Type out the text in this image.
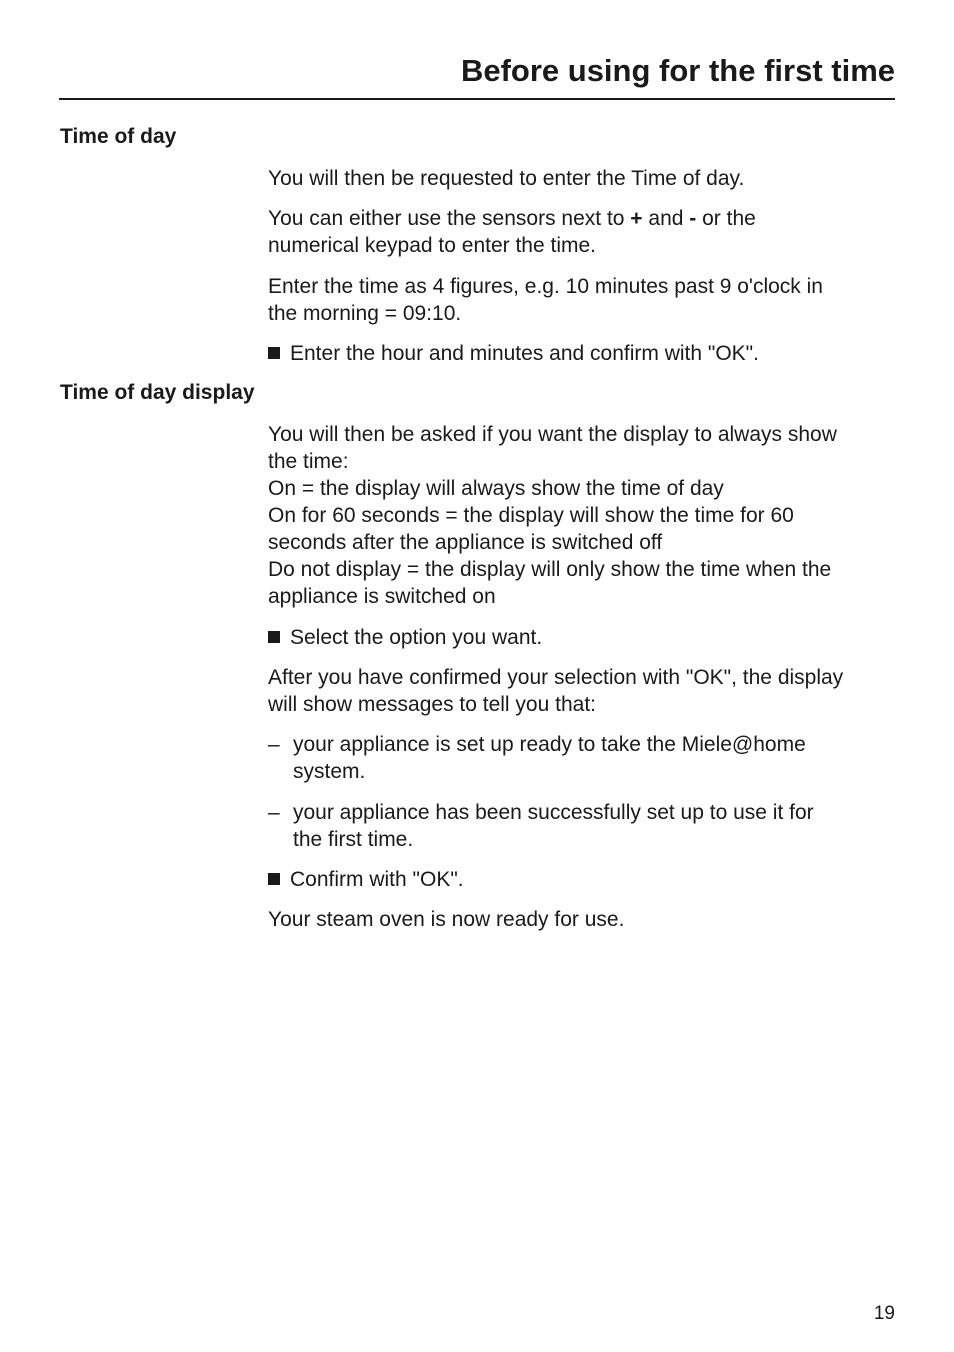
Before using for the first time
Time of day

You will then be requested to enter the Time of day.

You can either use the sensors next to + and - or the

numerical keypad to enter the time.

Enter the time as 4 figures, e.g. 10 minutes past 9 o'clock in

the morning = 09:10.

Enter the hour and minutes and confirm with "OK".
Time of day display

You will then be asked if you want the display to always show

the time:

On = the display will always show the time of day

On for 60 seconds = the display will show the time for 60

seconds after the appliance is switched off

Do not display = the display will only show the time when the

appliance is switched on

Select the option you want.

After you have confirmed your selection with "OK", the display

will show messages to tell you that:

– your appliance is set up ready to take the Miele@home
system.
– your appliance has been successfully set up to use it for
the first time.
Confirm with "OK".

Your steam oven is now ready for use.

19
